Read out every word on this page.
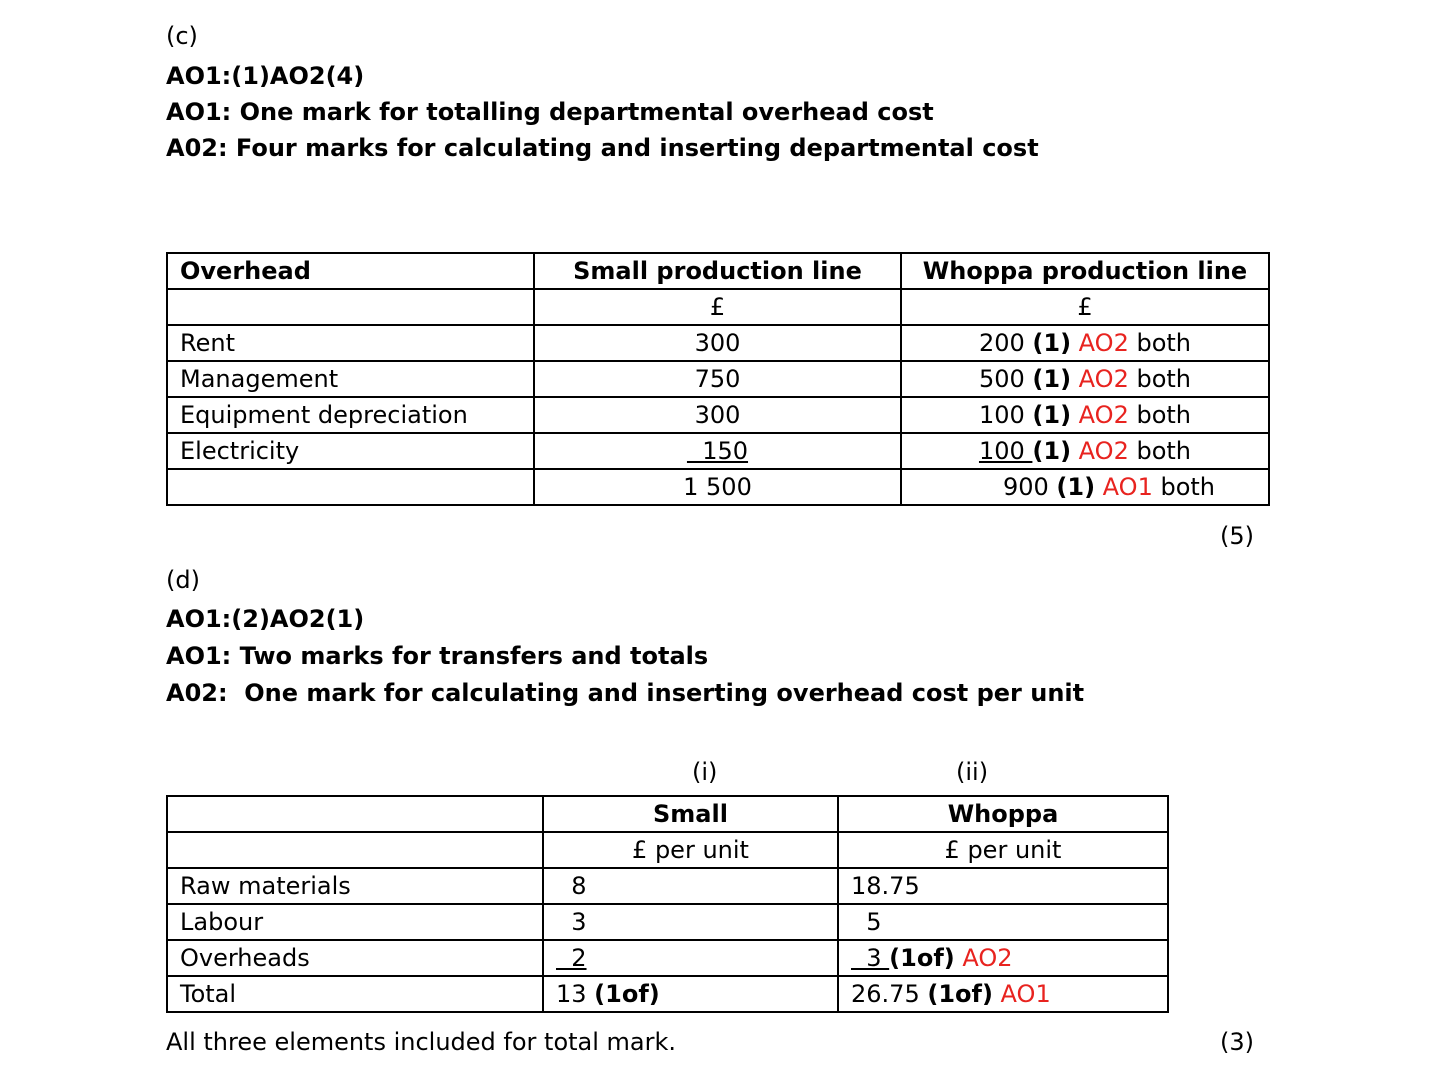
(c)
AO1:(1)AO2(4)
AO1: One mark for totalling departmental overhead cost
A02: Four marks for calculating and inserting departmental cost
Overhead	Small production line	Whoppa production line
	£	£
Rent	300	200 (1) AO2 both
Management	750	500 (1) AO2 both
Equipment depreciation	300	100 (1) AO2 both
Electricity	150	100 (1) AO2 both
	1 500	900 (1) AO1 both
(5)
(d)
AO1:(2)AO2(1)
AO1: Two marks for transfers and totals
A02:  One mark for calculating and inserting overhead cost per unit
(i)	(ii)
	Small	Whoppa
	£ per unit	£ per unit
Raw materials	8	18.75
Labour	3	5
Overheads	2	3 (1of) AO2
Total	13 (1of)	26.75 (1of) AO1
All three elements included for total mark.	(3)
